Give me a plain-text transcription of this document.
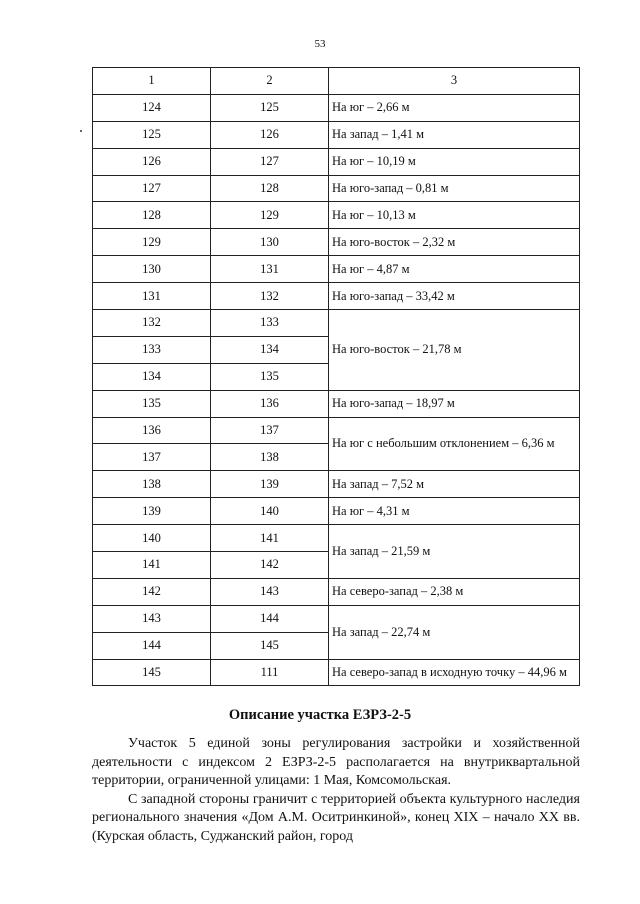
53
1	2	3
124	125	На юг – 2,66 м
125	126	На запад – 1,41 м
126	127	На юг – 10,19 м
127	128	На юго-запад – 0,81 м
128	129	На юг – 10,13 м
129	130	На юго-восток – 2,32 м
130	131	На юг – 4,87 м
131	132	На юго-запад – 33,42 м
132	133	На юго-восток – 21,78 м
133	134	
134	135	
135	136	На юго-запад – 18,97 м
136	137	На юг с небольшим отклонением – 6,36 м
137	138	
138	139	На запад – 7,52 м
139	140	На юг – 4,31 м
140	141	На запад – 21,59 м
141	142	
142	143	На северо-запад – 2,38 м
143	144	На запад – 22,74 м
144	145	
145	111	На северо-запад в исходную точку – 44,96 м
Описание участка ЕЗРЗ-2-5

Участок 5 единой зоны регулирования застройки и хозяйственной деятельности с индексом 2 ЕЗРЗ-2-5 располагается на внутриквартальной территории, ограниченной улицами: 1 Мая, Комсомольская.

С западной стороны граничит с территорией объекта культурного наследия регионального значения «Дом А.М. Оситринкиной», конец XIX – начало XX вв. (Курская область, Суджанский район, город
